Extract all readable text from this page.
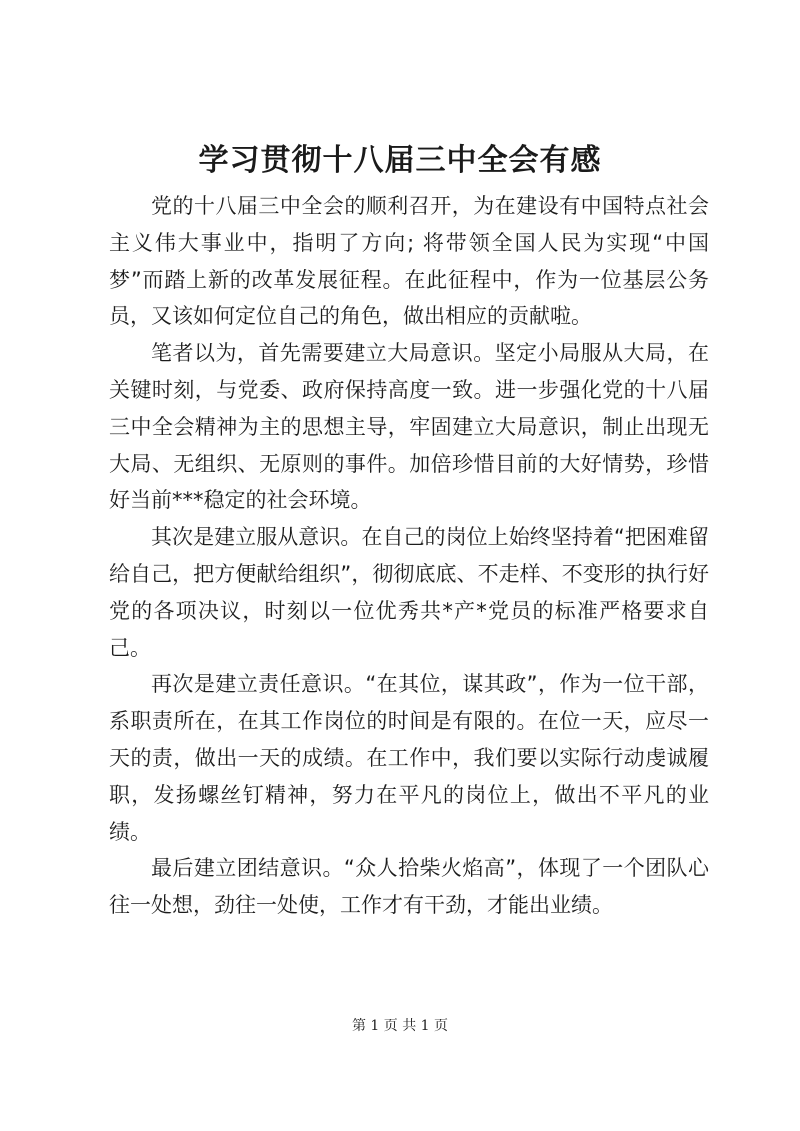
学习贯彻十八届三中全会有感

党的十八届三中全会的顺利召开，为在建设有中国特点社会主义伟大事业中，指明了方向; 将带领全国人民为实现“中国梦”而踏上新的改革发展征程。在此征程中，作为一位基层公务员，又该如何定位自己的角色，做出相应的贡献啦。

笔者以为，首先需要建立大局意识。坚定小局服从大局，在关键时刻，与党委、政府保持高度一致。进一步强化党的十八届三中全会精神为主的思想主导，牢固建立大局意识，制止出现无大局、无组织、无原则的事件。加倍珍惜目前的大好情势，珍惜好当前***稳定的社会环境。

其次是建立服从意识。在自己的岗位上始终坚持着“把困难留给自己，把方便献给组织”，彻彻底底、不走样、不变形的执行好党的各项决议，时刻以一位优秀共*产*党员的标准严格要求自己。

再次是建立责任意识。“在其位，谋其政”，作为一位干部，系职责所在，在其工作岗位的时间是有限的。在位一天，应尽一天的责，做出一天的成绩。在工作中，我们要以实际行动虔诚履职，发扬螺丝钉精神，努力在平凡的岗位上，做出不平凡的业绩。

最后建立团结意识。“众人拾柴火焰高”，体现了一个团队心往一处想，劲往一处使，工作才有干劲，才能出业绩。

第 1 页 共 1 页
